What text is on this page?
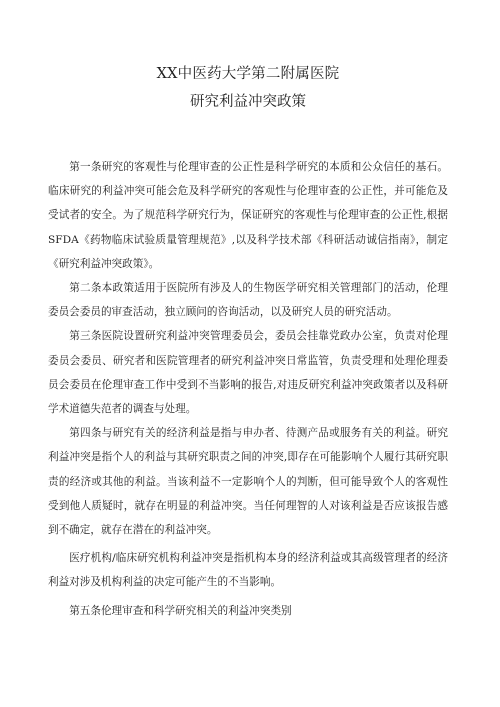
XX中医药大学第二附属医院
研究利益冲突政策

第一条研究的客观性与伦理审查的公正性是科学研究的本质和公众信任的基石。临床研究的利益冲突可能会危及科学研究的客观性与伦理审查的公正性，并可能危及受试者的安全。为了规范科学研究行为，保证研究的客观性与伦理审查的公正性,根据SFDA《药物临床试验质量管理规范》,以及科学技术部《科研活动诚信指南》，制定《研究利益冲突政策》。

第二条本政策适用于医院所有涉及人的生物医学研究相关管理部门的活动，伦理委员会委员的审查活动，独立顾问的咨询活动，以及研究人员的研究活动。

第三条医院设置研究利益冲突管理委员会，委员会挂靠党政办公室，负责对伦理委员会委员、研究者和医院管理者的研究利益冲突日常监管，负责受理和处理伦理委员会委员在伦理审查工作中受到不当影响的报告,对违反研究利益冲突政策者以及科研学术道德失范者的调查与处理。

第四条与研究有关的经济利益是指与申办者、待测产品或服务有关的利益。研究利益冲突是指个人的利益与其研究职责之间的冲突,即存在可能影响个人履行其研究职责的经济或其他的利益。当该利益不一定影响个人的判断，但可能导致个人的客观性受到他人质疑时，就存在明显的利益冲突。当任何理智的人对该利益是否应该报告感到不确定，就存在潜在的利益冲突。

医疗机构/临床研究机构利益冲突是指机构本身的经济利益或其高级管理者的经济利益对涉及机构利益的决定可能产生的不当影响。

第五条伦理审查和科学研究相关的利益冲突类别
